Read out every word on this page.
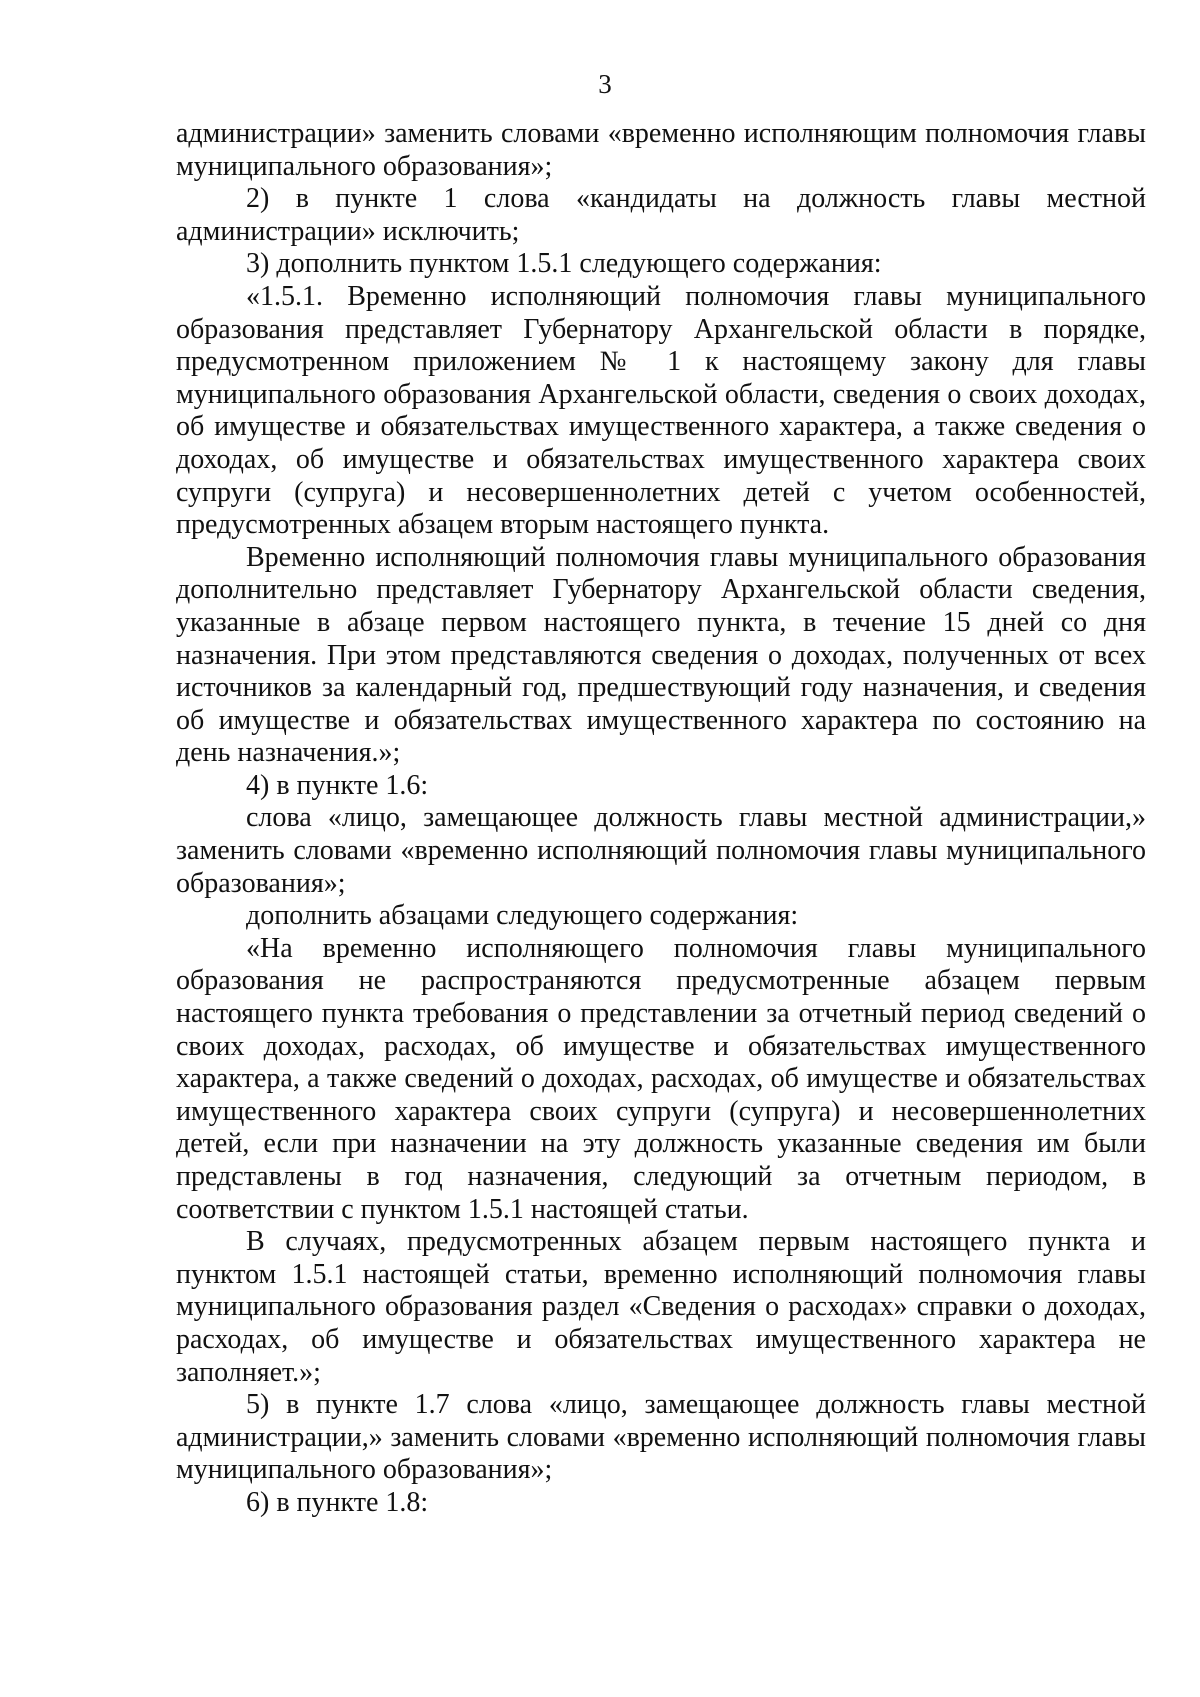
3

администрации» заменить словами «временно исполняющим полномочия главы муниципального образования»;

2) в пункте 1 слова «кандидаты на должность главы местной администрации» исключить;

3) дополнить пунктом 1.5.1 следующего содержания:

«1.5.1. Временно исполняющий полномочия главы муниципального образования представляет Губернатору Архангельской области в порядке, предусмотренном приложением № 1 к настоящему закону для главы муниципального образования Архангельской области, сведения о своих доходах, об имуществе и обязательствах имущественного характера, а также сведения о доходах, об имуществе и обязательствах имущественного характера своих супруги (супруга) и несовершеннолетних детей с учетом особенностей, предусмотренных абзацем вторым настоящего пункта.

Временно исполняющий полномочия главы муниципального образования дополнительно представляет Губернатору Архангельской области сведения, указанные в абзаце первом настоящего пункта, в течение 15 дней со дня назначения. При этом представляются сведения о доходах, полученных от всех источников за календарный год, предшествующий году назначения, и сведения об имуществе и обязательствах имущественного характера по состоянию на день назначения.»;

4) в пункте 1.6:

слова «лицо, замещающее должность главы местной администрации,» заменить словами «временно исполняющий полномочия главы муниципального образования»;

дополнить абзацами следующего содержания:

«На временно исполняющего полномочия главы муниципального образования не распространяются предусмотренные абзацем первым настоящего пункта требования о представлении за отчетный период сведений о своих доходах, расходах, об имуществе и обязательствах имущественного характера, а также сведений о доходах, расходах, об имуществе и обязательствах имущественного характера своих супруги (супруга) и несовершеннолетних детей, если при назначении на эту должность указанные сведения им были представлены в год назначения, следующий за отчетным периодом, в соответствии с пунктом 1.5.1 настоящей статьи.

В случаях, предусмотренных абзацем первым настоящего пункта и пунктом 1.5.1 настоящей статьи, временно исполняющий полномочия главы муниципального образования раздел «Сведения о расходах» справки о доходах, расходах, об имуществе и обязательствах имущественного характера не заполняет.»;

5) в пункте 1.7 слова «лицо, замещающее должность главы местной администрации,» заменить словами «временно исполняющий полномочия главы муниципального образования»;

6) в пункте 1.8:
